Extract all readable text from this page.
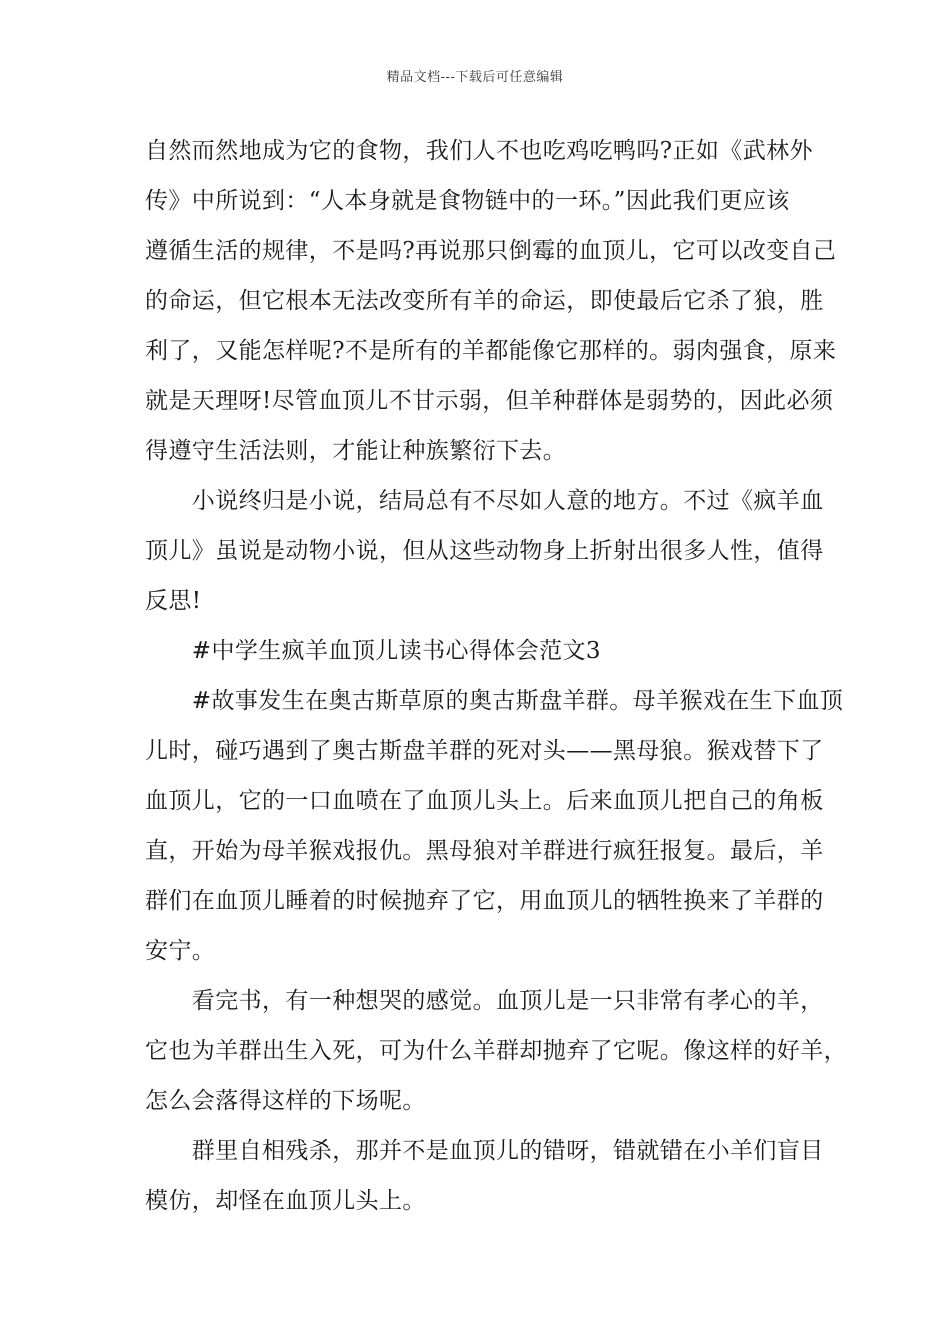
精品文档---下载后可任意编辑
自然而然地成为它的食物，我们人不也吃鸡吃鸭吗?正如《武林外
传》中所说到：“人本身就是食物链中的一环。”因此我们更应该
遵循生活的规律，不是吗?再说那只倒霉的血顶儿，它可以改变自己
的命运，但它根本无法改变所有羊的命运，即使最后它杀了狼，胜
利了，又能怎样呢?不是所有的羊都能像它那样的。弱肉强食，原来
就是天理呀!尽管血顶儿不甘示弱，但羊种群体是弱势的，因此必须
得遵守生活法则，才能让种族繁衍下去。
　　小说终归是小说，结局总有不尽如人意的地方。不过《疯羊血
顶儿》虽说是动物小说，但从这些动物身上折射出很多人性，值得
反思!
　　#中学生疯羊血顶儿读书心得体会范文3
　　#故事发生在奥古斯草原的奥古斯盘羊群。母羊猴戏在生下血顶
儿时，碰巧遇到了奥古斯盘羊群的死对头——黑母狼。猴戏替下了
血顶儿，它的一口血喷在了血顶儿头上。后来血顶儿把自己的角板
直，开始为母羊猴戏报仇。黑母狼对羊群进行疯狂报复。最后，羊
群们在血顶儿睡着的时候抛弃了它，用血顶儿的牺牲换来了羊群的
安宁。
　　看完书，有一种想哭的感觉。血顶儿是一只非常有孝心的羊，
它也为羊群出生入死，可为什么羊群却抛弃了它呢。像这样的好羊，
怎么会落得这样的下场呢。
　　群里自相残杀，那并不是血顶儿的错呀，错就错在小羊们盲目
模仿，却怪在血顶儿头上。
